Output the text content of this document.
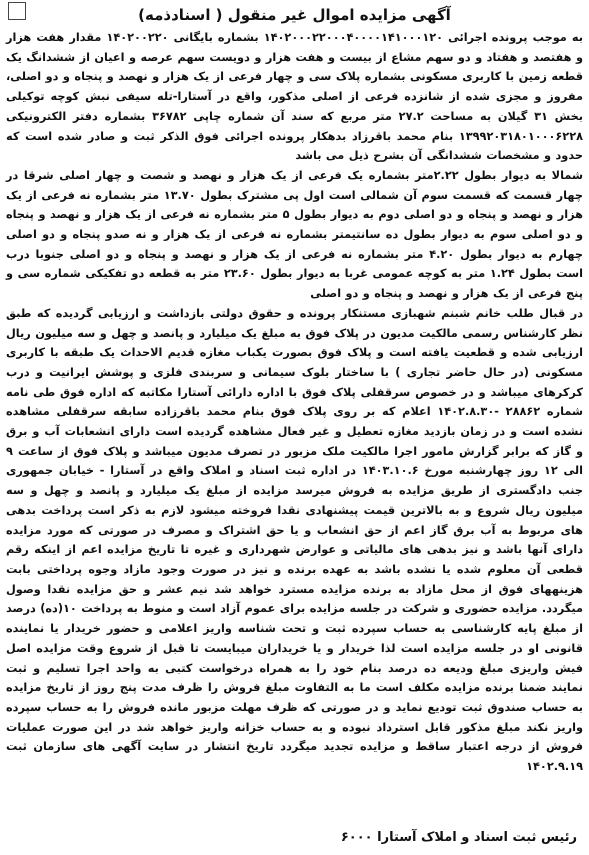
آگهی مزایده اموال غیر منقول ( اسنادذمه)

به موجب پرونده اجرائی ۱۴۰۲۰۰۰۲۲۰۰۰۴۰۰۰۰۱۴۱۰۰۰۱۲۰ بشماره بایگانی ۱۴۰۲۰۰۲۲۰ مقدار هفت هزار و هفتصد و هفتاد و دو سهم مشاع از بیست و هفت هزار و دویست سهم عرصه و اعیان از ششدانگ یک قطعه زمین با کاربری مسکونی بشماره پلاک سی و چهار فرعی از یک هزار و نهصد و پنجاه و دو اصلی، مفروز و مجزی شده از شانزده فرعی از اصلی مذکور، واقع در آستارا-تله سیفی نبش کوچه توکیلی بخش ۳۱ گیلان به مساحت ۲۷.۲ متر مربع که سند آن شماره چاپی ۳۶۷۸۲ بشماره دفتر الکترونیکی ۱۳۹۹۲۰۳۱۸۰۱۰۰۰۶۲۲۸ بنام محمد باقرزاد بدهکار پرونده اجرائی فوق الذکر ثبت و صادر شده است که حدود و مشخصات ششدانگی آن بشرح ذیل می باشد

شمالا به دیوار بطول ۲.۲۲متر بشماره یک فرعی از یک هزار و نهصد و شصت و چهار اصلی شرقا در چهار قسمت که قسمت سوم آن شمالی است اول پی مشترک بطول ۱۳.۷۰ متر بشماره نه فرعی از یک هزار و نهصد و پنجاه و دو اصلی دوم به دیوار بطول ۵ متر بشماره نه فرعی از یک هزار و نهصد و پنجاه و دو اصلی سوم به دیوار بطول ده سانتیمتر بشماره نه فرعی از یک هزار و نه صدو پنجاه و دو اصلی چهارم به دیوار بطول ۴.۲۰ متر بشماره نه فرعی از یک هزار و نهصد و پنجاه و دو اصلی جنوبا درب است بطول ۱.۲۴ متر به کوچه عمومی غربا به دیوار بطول ۲۳.۶۰ متر به قطعه دو تفکیکی شماره سی و پنج فرعی از یک هزار و نهصد و پنجاه و دو اصلی

در قبال طلب خانم شبنم شهبازی مستنکار پرونده و حقوق دولتی بازداشت و ارزیابی گردیده که طبق نظر کارشناس رسمی مالکیت مدیون در پلاک فوق به مبلغ یک میلیارد و پانصد و چهل و سه میلیون ریال ارزیابی شده و قطعیت یافته است و پلاک فوق بصورت یکباب مغازه قدیم الاحداث یک طبقه با کاربری مسکونی (در حال حاضر تجاری ) با ساختار بلوک سیمانی و سربندی فلزی و پوشش ایرانیت و درب کرکرهای میباشد و در خصوص سرقفلی پلاک فوق با اداره دارائی آستارا مکاتبه که اداره فوق طی نامه شماره ۲۸۸۶۲ -۱۴۰۲.۸.۳۰ اعلام که بر روی پلاک فوق بنام محمد باقرزاده سابقه سرقفلی مشاهده نشده است و در زمان بازدید مغازه تعطیل و غیر فعال مشاهده گردیده است دارای انشعابات آب و برق و گاز که برابر گزارش مامور اجرا مالکیت ملک مزبور در تصرف مدیون میباشد و پلاک فوق از ساعت ۹ الی ۱۲ روز چهارشنبه مورخ ۱۴۰۳.۱۰.۶ در اداره ثبت اسناد و املاک واقع در آستارا - خیابان جمهوری جنب دادگستری از طریق مزایده به فروش میرسد مزایده از مبلغ یک میلیارد و پانصد و چهل و سه میلیون ریال شروع و به بالاترین قیمت پیشنهادی نقدا فروخته میشود لازم به ذکر است پرداخت بدهی های مربوط به آب برق گاز اعم از حق انشعاب و یا حق اشتراک و مصرف در صورتی که مورد مزایده دارای آنها باشد و نیز بدهی های مالیاتی و عوارض شهرداری و غیره تا تاریخ مزایده اعم از اینکه رقم قطعی آن معلوم شده یا نشده باشد به عهده برنده و نیز در صورت وجود مازاد وجوه پرداختی بابت هزینههای فوق از محل مازاد به برنده مزایده مسترد خواهد شد نیم عشر و حق مزایده نقدا وصول میگردد. مزایده حضوری و شرکت در جلسه مزایده برای عموم آزاد است و منوط به پرداخت ۱۰(ده) درصد از مبلغ پایه کارشناسی به حساب سپرده ثبت و تحت شناسه واریز اعلامی و حضور خریدار یا نماینده قانونی او در جلسه مزایده است لذا خریدار و یا خریداران میبایست تا قبل از شروع وقت مزایده اصل فیش واریزی مبلغ ودیعه ده درصد بنام خود را به همراه درخواست کتبی به واحد اجرا تسلیم و ثبت نمایند ضمنا برنده مزایده مکلف است ما به التفاوت مبلغ فروش را ظرف مدت پنج روز از تاریخ مزایده به حساب صندوق ثبت تودیع نماید و در صورتی که ظرف مهلت مزبور مانده فروش را به حساب سپرده واریز نکند مبلغ مذکور قابل استرداد نبوده و به حساب خزانه واریز خواهد شد در این صورت عملیات فروش از درجه اعتبار ساقط و مزایده تجدید میگردد تاریخ انتشار در سایت آگهی های سازمان ثبت ۱۴۰۲.۹.۱۹

رئیس ثبت اسناد و املاک آستارا ۶۰۰۰
